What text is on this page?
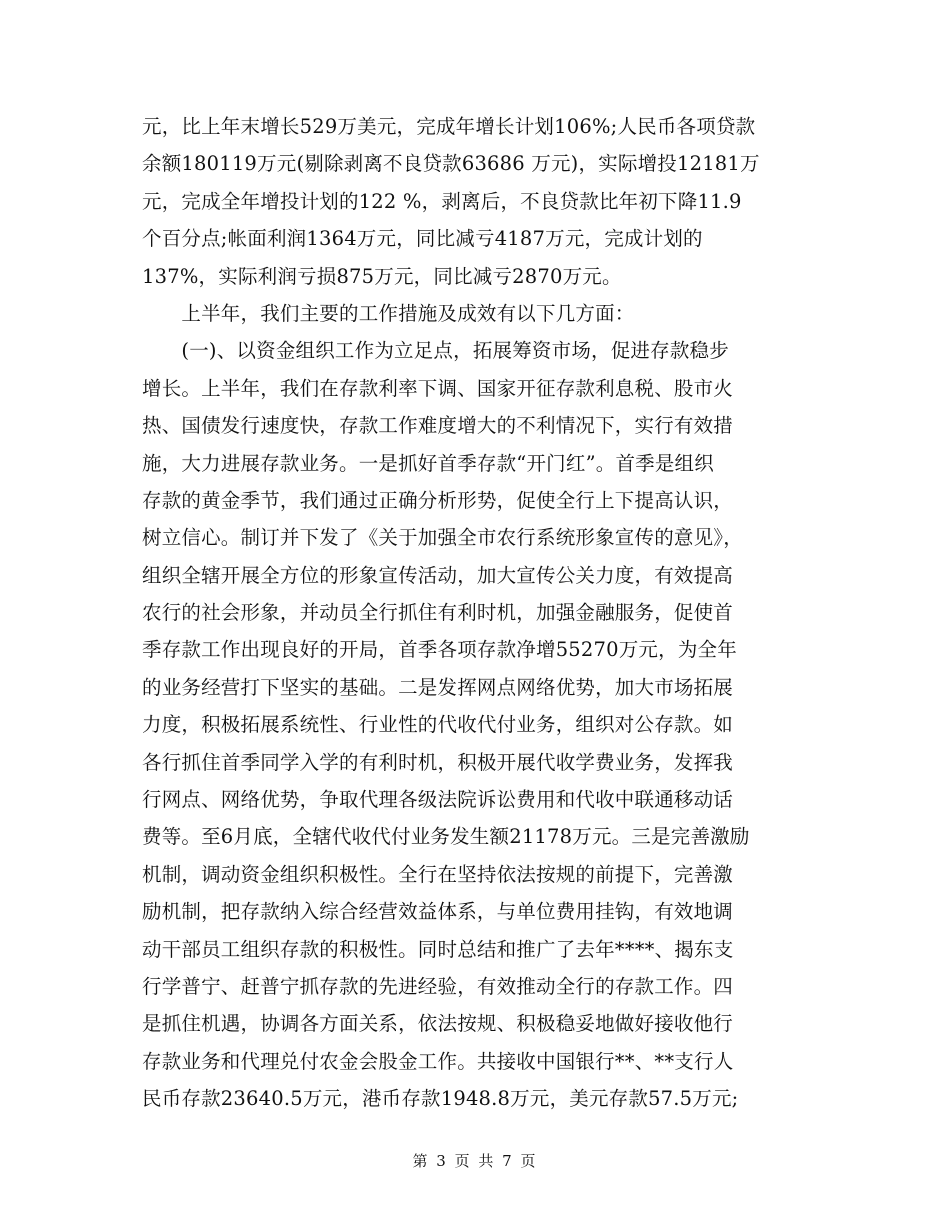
元，比上年末增长529万美元，完成年增长计划106%;人民币各项贷款
余额180119万元(剔除剥离不良贷款63686 万元)，实际增投12181万
元，完成全年增投计划的122 %，剥离后，不良贷款比年初下降11.9
个百分点;帐面利润1364万元，同比减亏4187万元，完成计划的
137%，实际利润亏损875万元，同比减亏2870万元。
　　上半年，我们主要的工作措施及成效有以下几方面：
　　(一)、以资金组织工作为立足点，拓展筹资市场，促进存款稳步
增长。上半年，我们在存款利率下调、国家开征存款利息税、股市火
热、国债发行速度快，存款工作难度增大的不利情况下，实行有效措
施，大力进展存款业务。一是抓好首季存款“开门红”。首季是组织
存款的黄金季节，我们通过正确分析形势，促使全行上下提高认识，
树立信心。制订并下发了《关于加强全市农行系统形象宣传的意见》，
组织全辖开展全方位的形象宣传活动，加大宣传公关力度，有效提高
农行的社会形象，并动员全行抓住有利时机，加强金融服务，促使首
季存款工作出现良好的开局，首季各项存款净增55270万元，为全年
的业务经营打下坚实的基础。二是发挥网点网络优势，加大市场拓展
力度，积极拓展系统性、行业性的代收代付业务，组织对公存款。如
各行抓住首季同学入学的有利时机，积极开展代收学费业务，发挥我
行网点、网络优势，争取代理各级法院诉讼费用和代收中联通移动话
费等。至6月底，全辖代收代付业务发生额21178万元。三是完善激励
机制，调动资金组织积极性。全行在坚持依法按规的前提下，完善激
励机制，把存款纳入综合经营效益体系，与单位费用挂钩，有效地调
动干部员工组织存款的积极性。同时总结和推广了去年****、揭东支
行学普宁、赶普宁抓存款的先进经验，有效推动全行的存款工作。四
是抓住机遇，协调各方面关系，依法按规、积极稳妥地做好接收他行
存款业务和代理兑付农金会股金工作。共接收中国银行**、**支行人
民币存款23640.5万元，港币存款1948.8万元，美元存款57.5万元;
第 3 页 共 7 页
